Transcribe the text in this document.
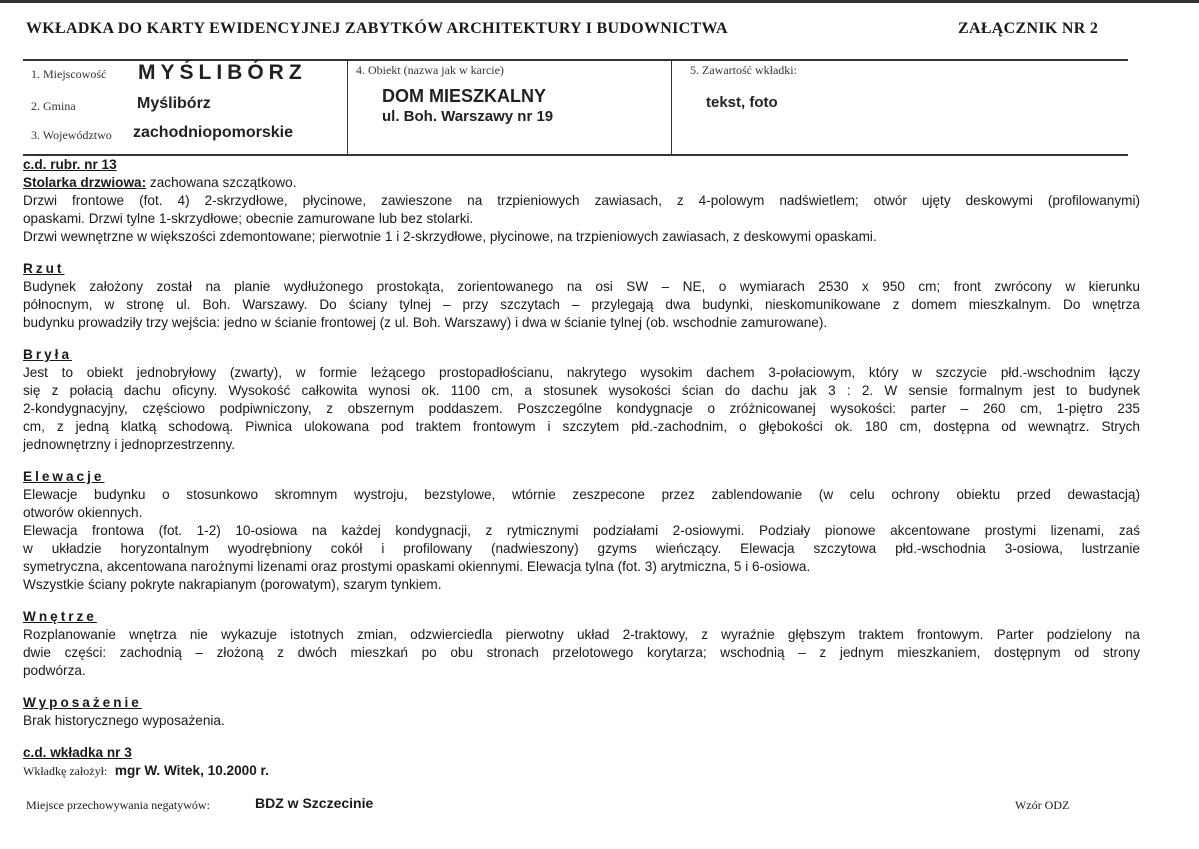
WKŁADKA DO KARTY EWIDENCYJNEJ ZABYTKÓW ARCHITEKTURY I BUDOWNICTWA	ZAŁĄCZNIK NR 2
1. Miejscowość MYŚLIBÓRZ
2. Gmina	Myślibórz
3. Województwo zachodniopomorskie
4. Obiekt (nazwa jak w karcie)
DOM MIESZKALNY
ul. Boh. Warszawy nr 19
5. Zawartość wkładki:
tekst, foto
c.d. rubr. nr 13
Stolarka drzwiowa: zachowana szczątkowo.
Drzwi frontowe (fot. 4) 2-skrzydłowe, płycinowe, zawieszone na trzpieniowych zawiasach, z 4-polowym nadświetlem; otwór ujęty deskowymi (profilowanymi)
opaskami. Drzwi tylne 1-skrzydłowe; obecnie zamurowane lub bez stolarki.
Drzwi wewnętrzne w większości zdemontowane; pierwotnie 1 i 2-skrzydłowe, płycinowe, na trzpieniowych zawiasach, z deskowymi opaskami.
Rzut
Budynek założony został na planie wydłużonego prostokąta, zorientowanego na osi SW – NE, o wymiarach 2530 x 950 cm; front zwrócony w kierunku
północnym, w stronę ul. Boh. Warszawy. Do ściany tylnej – przy szczytach – przylegają dwa budynki, nieskomunikowane z domem mieszkalnym. Do wnętrza
budynku prowadziły trzy wejścia: jedno w ścianie frontowej (z ul. Boh. Warszawy) i dwa w ścianie tylnej (ob. wschodnie zamurowane).
Bryła
Jest to obiekt jednobryłowy (zwarty), w formie leżącego prostopadłościanu, nakrytego wysokim dachem 3-połaciowym, który w szczycie płd.-wschodnim łączy
się z połacią dachu oficyny. Wysokość całkowita wynosi ok. 1100 cm, a stosunek wysokości ścian do dachu jak 3 : 2. W sensie formalnym jest to budynek
2-kondygnacyjny, częściowo podpiwniczony, z obszernym poddaszem. Poszczególne kondygnacje o zróżnicowanej wysokości: parter – 260 cm, 1-piętro 235
cm, z jedną klatką schodową. Piwnica ulokowana pod traktem frontowym i szczytem płd.-zachodnim, o głębokości ok. 180 cm, dostępna od wewnątrz. Strych
jednownętrzny i jednoprzestrzenny.
Elewacje
Elewacje budynku o stosunkowo skromnym wystroju, bezstylowe, wtórnie zeszpecone przez zablendowanie (w celu ochrony obiektu przed dewastacją)
otworów okiennych.
Elewacja frontowa (fot. 1-2) 10-osiowa na każdej kondygnacji, z rytmicznymi podziałami 2-osiowymi. Podziały pionowe akcentowane prostymi lizenami, zaś
w układzie horyzontalnym wyodrębniony cokół i profilowany (nadwieszony) gzyms wieńczący. Elewacja szczytowa płd.-wschodnia 3-osiowa, lustrzanie
symetryczna, akcentowana narożnymi lizenami oraz prostymi opaskami okiennymi. Elewacja tylna (fot. 3) arytmiczna, 5 i 6-osiowa.
Wszystkie ściany pokryte nakrapianym (porowatym), szarym tynkiem.
Wnętrze
Rozplanowanie wnętrza nie wykazuje istotnych zmian, odzwierciedla pierwotny układ 2-traktowy, z wyraźnie głębszym traktem frontowym. Parter podzielony na
dwie części: zachodnią – złożoną z dwóch mieszkań po obu stronach przelotowego korytarza; wschodnią – z jednym mieszkaniem, dostępnym od strony
podwórza.
Wyposażenie
Brak historycznego wyposażenia.
c.d. wkładka nr 3
Wkładkę założył: mgr W. Witek, 10.2000 r.
Miejsce przechowywania negatywów:	BDZ w Szczecinie	Wzór ODZ
